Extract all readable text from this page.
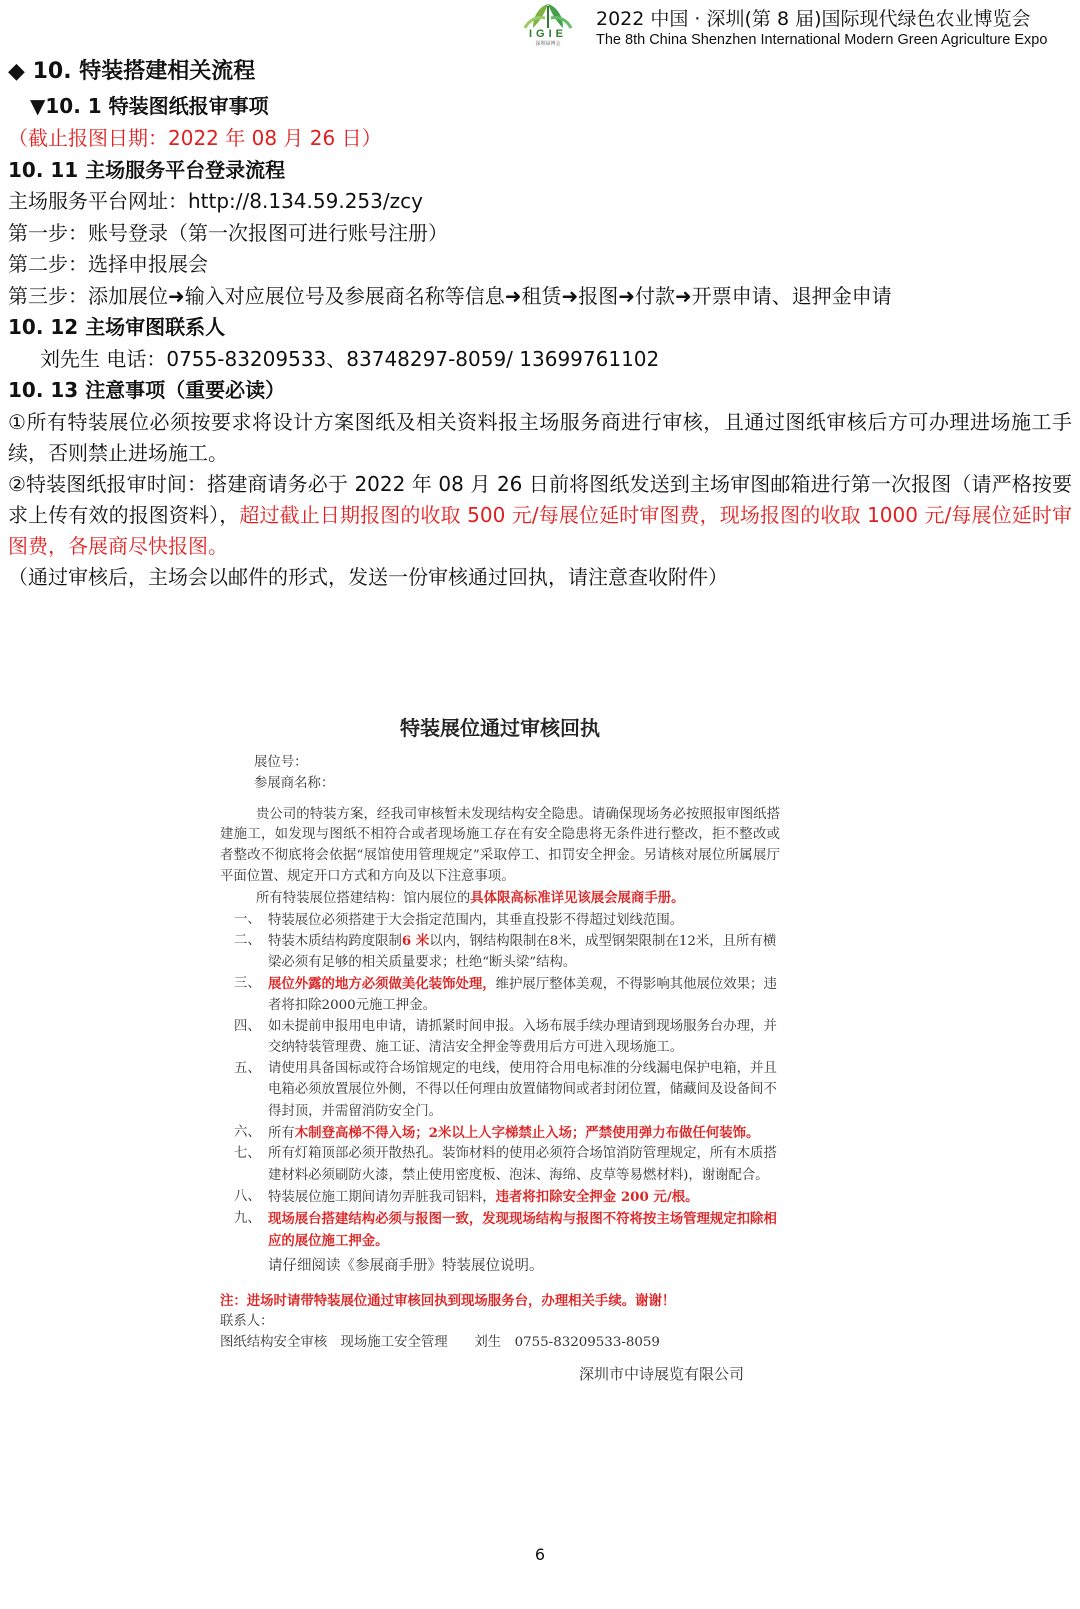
IGIE
深圳绿博会
2022 中国 · 深圳(第 8 届)国际现代绿色农业博览会
The 8th China Shenzhen International Modern Green Agriculture Expo
◆ 10. 特装搭建相关流程
▼10. 1 特装图纸报审事项
（截止报图日期：2022 年 08 月 26 日）
10. 11 主场服务平台登录流程
主场服务平台网址：http://8.134.59.253/zcy
第一步：账号登录（第一次报图可进行账号注册）
第二步：选择申报展会
第三步：添加展位➜输入对应展位号及参展商名称等信息➜租赁➜报图➜付款➜开票申请、退押金申请
10. 12 主场审图联系人
刘先生 电话：0755-83209533、83748297-8059/ 13699761102
10. 13 注意事项（重要必读）
①所有特装展位必须按要求将设计方案图纸及相关资料报主场服务商进行审核，且通过图纸审核后方可办理进场施工手续，否则禁止进场施工。
②特装图纸报审时间：搭建商请务必于 2022 年 08 月 26 日前将图纸发送到主场审图邮箱进行第一次报图（请严格按要求上传有效的报图资料），超过截止日期报图的收取 500 元/每展位延时审图费，现场报图的收取 1000 元/每展位延时审图费，各展商尽快报图。
（通过审核后，主场会以邮件的形式，发送一份审核通过回执，请注意查收附件）
特装展位通过审核回执
展位号：
参展商名称：
贵公司的特装方案，经我司审核暂未发现结构安全隐患。请确保现场务必按照报审图纸搭建施工，如发现与图纸不相符合或者现场施工存在有安全隐患将无条件进行整改，拒不整改或者整改不彻底将会依据“展馆使用管理规定”采取停工、扣罚安全押金。另请核对展位所属展厅平面位置、规定开口方式和方向及以下注意事项。
所有特装展位搭建结构：馆内展位的具体限高标准详见该展会展商手册。
一、 特装展位必须搭建于大会指定范围内，其垂直投影不得超过划线范围。
二、 特装木质结构跨度限制6 米以内，钢结构限制在8米，成型钢架限制在12米，且所有横梁必须有足够的相关质量要求；杜绝“断头梁”结构。
三、 展位外露的地方必须做美化装饰处理，维护展厅整体美观，不得影响其他展位效果；违者将扣除2000元施工押金。
四、 如未提前申报用电申请，请抓紧时间申报。入场布展手续办理请到现场服务台办理，并交纳特装管理费、施工证、清洁安全押金等费用后方可进入现场施工。
五、 请使用具备国标或符合场馆规定的电线，使用符合用电标准的分线漏电保护电箱，并且电箱必须放置展位外侧，不得以任何理由放置储物间或者封闭位置，储藏间及设备间不得封顶，并需留消防安全门。
六、 所有木制登高梯不得入场；2米以上人字梯禁止入场；严禁使用弹力布做任何装饰。
七、 所有灯箱顶部必须开散热孔。装饰材料的使用必须符合场馆消防管理规定，所有木质搭建材料必须刷防火漆，禁止使用密度板、泡沫、海绵、皮草等易燃材料)，谢谢配合。
八、 特装展位施工期间请勿弄脏我司铝料，违者将扣除安全押金 200 元/根。
九、 现场展台搭建结构必须与报图一致，发现现场结构与报图不符将按主场管理规定扣除相应的展位施工押金。
请仔细阅读《参展商手册》特装展位说明。
注：进场时请带特装展位通过审核回执到现场服务台，办理相关手续。谢谢！
联系人：
图纸结构安全审核　现场施工安全管理　　刘生　0755-83209533-8059
深圳市中诗展览有限公司
6
